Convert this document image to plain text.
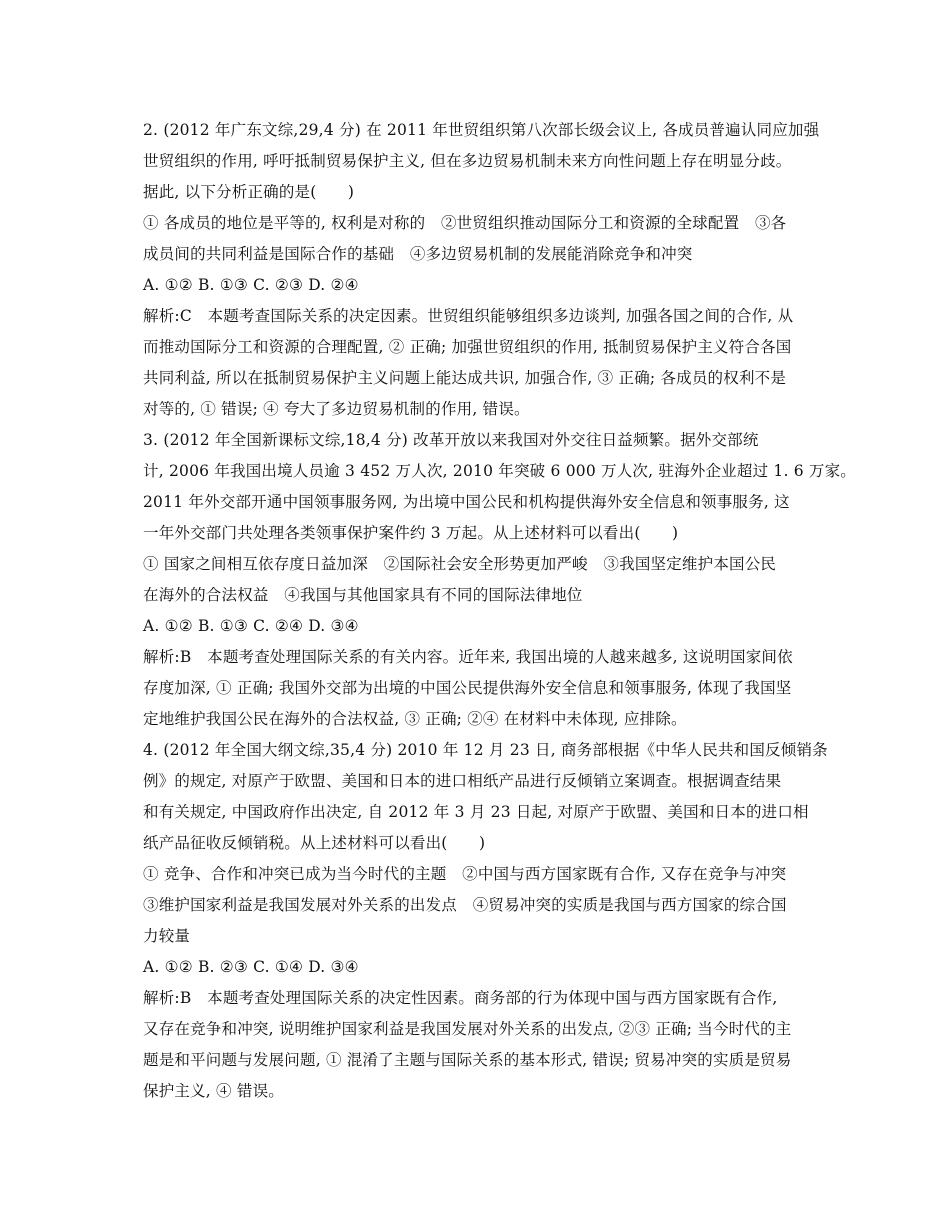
2. (2012 年广东文综,29,4 分) 在 2011 年世贸组织第八次部长级会议上, 各成员普遍认同应加强
世贸组织的作用, 呼吁抵制贸易保护主义, 但在多边贸易机制未来方向性问题上存在明显分歧。
据此, 以下分析正确的是(　　)
① 各成员的地位是平等的, 权利是对称的　②世贸组织推动国际分工和资源的全球配置　③各
成员间的共同利益是国际合作的基础　④多边贸易机制的发展能消除竞争和冲突
A. ①② B. ①③ C. ②③ D. ②④
解析:C　本题考查国际关系的决定因素。世贸组织能够组织多边谈判, 加强各国之间的合作, 从
而推动国际分工和资源的合理配置, ② 正确; 加强世贸组织的作用, 抵制贸易保护主义符合各国
共同利益, 所以在抵制贸易保护主义问题上能达成共识, 加强合作, ③ 正确; 各成员的权利不是
对等的, ① 错误; ④ 夸大了多边贸易机制的作用, 错误。
3. (2012 年全国新课标文综,18,4 分) 改革开放以来我国对外交往日益频繁。据外交部统
计, 2006 年我国出境人员逾 3 452 万人次, 2010 年突破 6 000 万人次, 驻海外企业超过 1. 6 万家。
2011 年外交部开通中国领事服务网, 为出境中国公民和机构提供海外安全信息和领事服务, 这
一年外交部门共处理各类领事保护案件约 3 万起。从上述材料可以看出(　　)
① 国家之间相互依存度日益加深　②国际社会安全形势更加严峻　③我国坚定维护本国公民
在海外的合法权益　④我国与其他国家具有不同的国际法律地位
A. ①② B. ①③ C. ②④ D. ③④
解析:B　本题考查处理国际关系的有关内容。近年来, 我国出境的人越来越多, 这说明国家间依
存度加深, ① 正确; 我国外交部为出境的中国公民提供海外安全信息和领事服务, 体现了我国坚
定地维护我国公民在海外的合法权益, ③ 正确; ②④ 在材料中未体现, 应排除。
4. (2012 年全国大纲文综,35,4 分) 2010 年 12 月 23 日, 商务部根据《中华人民共和国反倾销条
例》的规定, 对原产于欧盟、美国和日本的进口相纸产品进行反倾销立案调查。根据调查结果
和有关规定, 中国政府作出决定, 自 2012 年 3 月 23 日起, 对原产于欧盟、美国和日本的进口相
纸产品征收反倾销税。从上述材料可以看出(　　)
① 竞争、合作和冲突已成为当今时代的主题　②中国与西方国家既有合作, 又存在竞争与冲突
③维护国家利益是我国发展对外关系的出发点　④贸易冲突的实质是我国与西方国家的综合国
力较量
A. ①② B. ②③ C. ①④ D. ③④
解析:B　本题考查处理国际关系的决定性因素。商务部的行为体现中国与西方国家既有合作,
又存在竞争和冲突, 说明维护国家利益是我国发展对外关系的出发点, ②③ 正确; 当今时代的主
题是和平问题与发展问题, ① 混淆了主题与国际关系的基本形式, 错误; 贸易冲突的实质是贸易
保护主义, ④ 错误。
